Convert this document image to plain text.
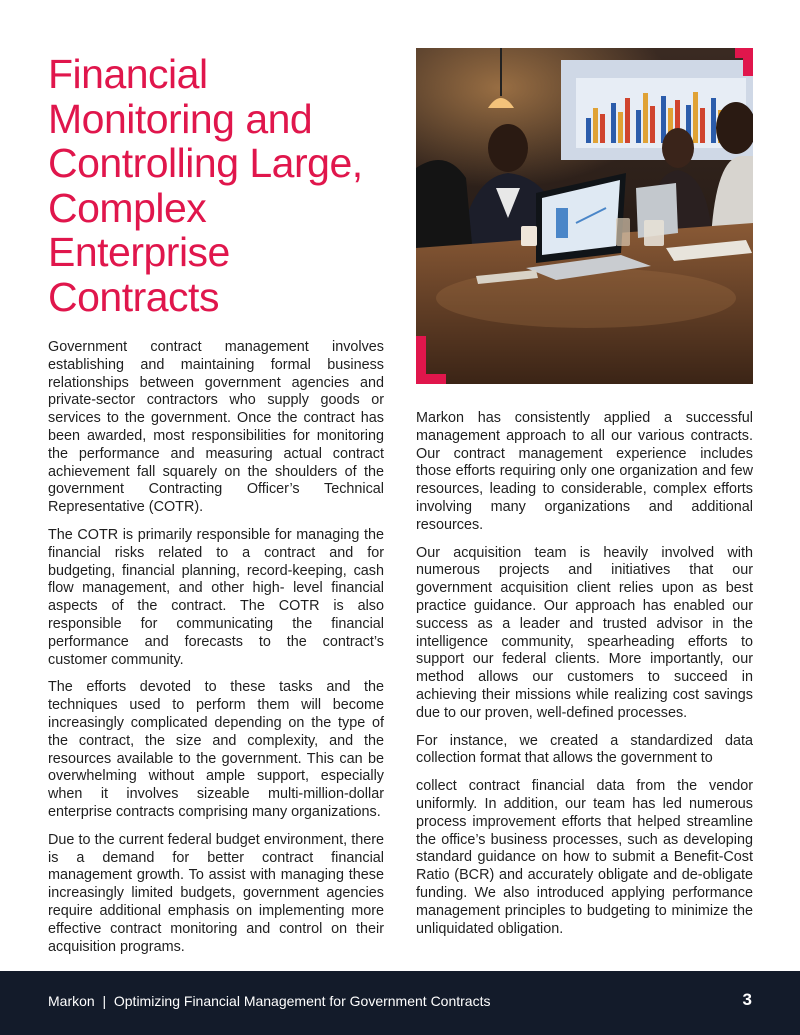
Financial Monitoring and Controlling Large, Complex Enterprise Contracts

Government contract management involves establishing and maintaining formal business relationships between government agencies and private-sector contractors who supply goods or services to the government. Once the contract has been awarded, most responsibilities for monitoring the performance and measuring actual contract achievement fall squarely on the shoulders of the government Contracting Officer’s Technical Representative (COTR).

The COTR is primarily responsible for managing the financial risks related to a contract and for budgeting, financial planning, record-keeping, cash flow management, and other high- level financial aspects of the contract. The COTR is also responsible for communicating the financial performance and forecasts to the contract’s customer community.

The efforts devoted to these tasks and the techniques used to perform them will become increasingly complicated depending on the type of the contract, the size and complexity, and the resources available to the government. This can be overwhelming without ample support, especially when it involves sizeable multi-million-dollar enterprise contracts comprising many organizations.

Due to the current federal budget environment, there is a demand for better contract financial management growth. To assist with managing these increasingly limited budgets, government agencies require additional emphasis on implementing more effective contract monitoring and control on their acquisition programs.

Markon has consistently applied a successful management approach to all our various contracts. Our contract management experience includes those efforts requiring only one organization and few resources, leading to considerable, complex efforts involving many organizations and additional resources.

Our acquisition team is heavily involved with numerous projects and initiatives that our government acquisition client relies upon as best practice guidance. Our approach has enabled our success as a leader and trusted advisor in the intelligence community, spearheading efforts to support our federal clients. More importantly, our method allows our customers to succeed in achieving their missions while realizing cost savings due to our proven, well-defined processes.

For instance, we created a standardized data collection format that allows the government to

collect contract financial data from the vendor uniformly. In addition, our team has led numerous process improvement efforts that helped streamline the office’s business processes, such as developing standard guidance on how to submit a Benefit-Cost Ratio (BCR) and accurately obligate and de-obligate funding. We also introduced applying performance management principles to budgeting to minimize the unliquidated obligation.

Markon  |  Optimizing Financial Management for Government Contracts	3
